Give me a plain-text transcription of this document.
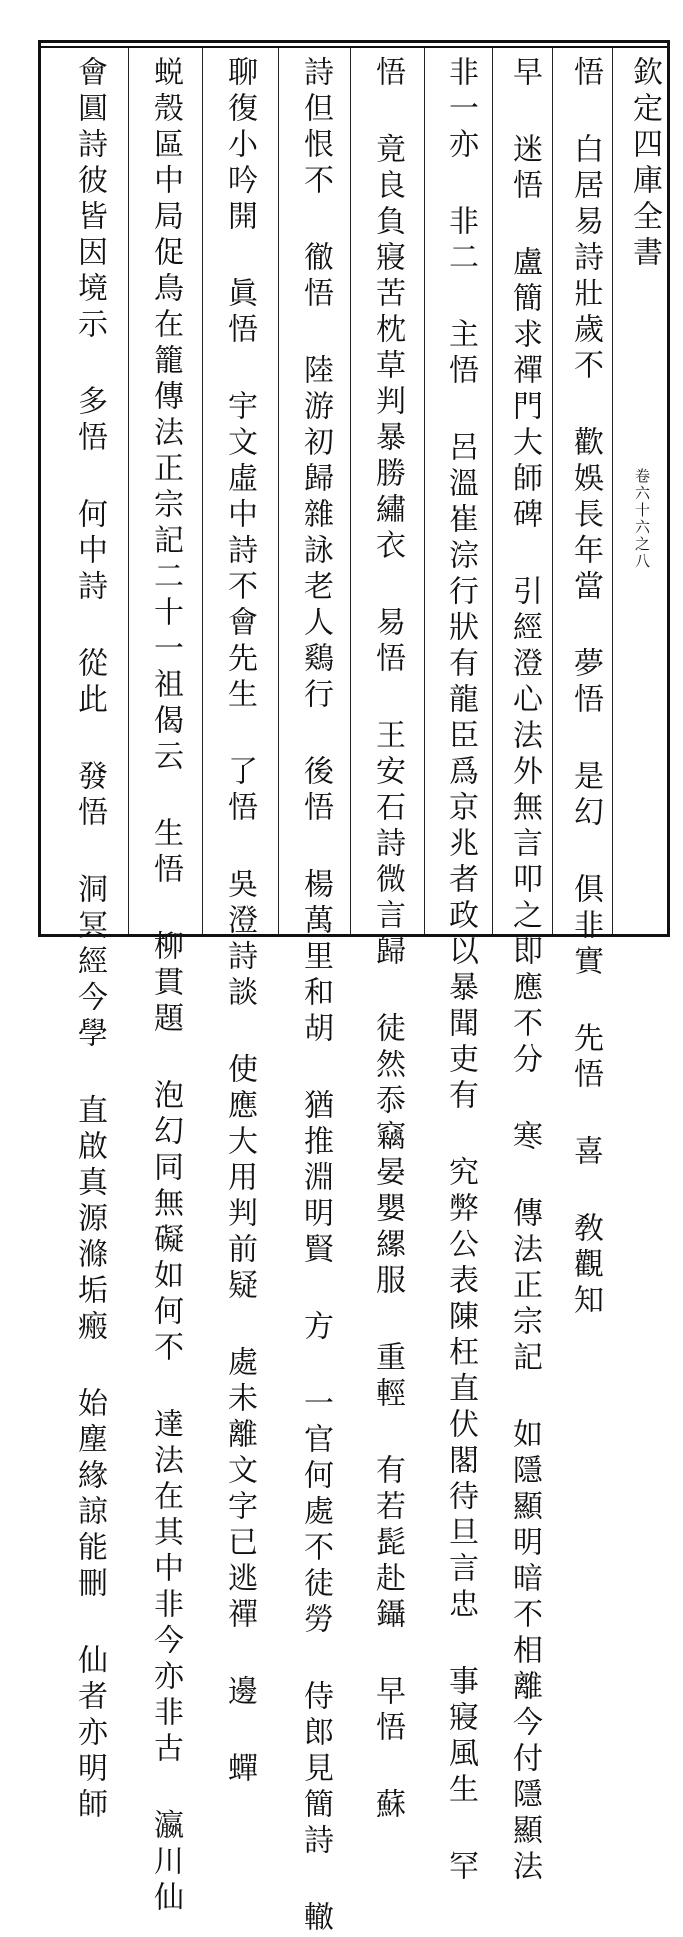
欽定四庫全書
卷六十六之八
悟 白居易詩壯歲不 歡娛長年當 夢悟 是幻 俱非實 先悟 喜 敎觀知
早 迷悟 盧簡求禪門大師碑 引經澄心法外無言叩之即應不分 寒 傳法正宗記 如隱顯明暗不相離今付隱顯法
非一亦 非二 主悟 呂溫崔淙行狀有龍臣爲京兆者政以暴聞吏有 究弊公表陳枉直伏閣待旦言忠 事寢風生 罕
悟 竟良負寢苦枕草判暴勝繡衣 易悟 王安石詩微言歸 徒然忝竊晏嬰縲服 重輕 有若髭赴鑷 早悟 蘇
詩但恨不 徹悟 陸游初歸雜詠老人鷄行 後悟 楊萬里和胡 猶推淵明賢 方 一官何處不徒勞 侍郎見簡詩 轍
聊復小吟開 眞悟 宇文虛中詩不會先生 了悟 吳澄詩談 使應大用判前疑 處未離文字已逃禪 邊 蟬
蜕殼區中局促鳥在籠傳法正宗記二十一祖偈云 生悟 柳貫題 泡幻同無礙如何不 達法在其中非今亦非古 瀛川仙
會圓詩彼皆因境示 多悟 何中詩 從此 發悟 洞冥經今學 直啟真源滌垢瘢 始塵緣諒能刪 仙者亦明師
